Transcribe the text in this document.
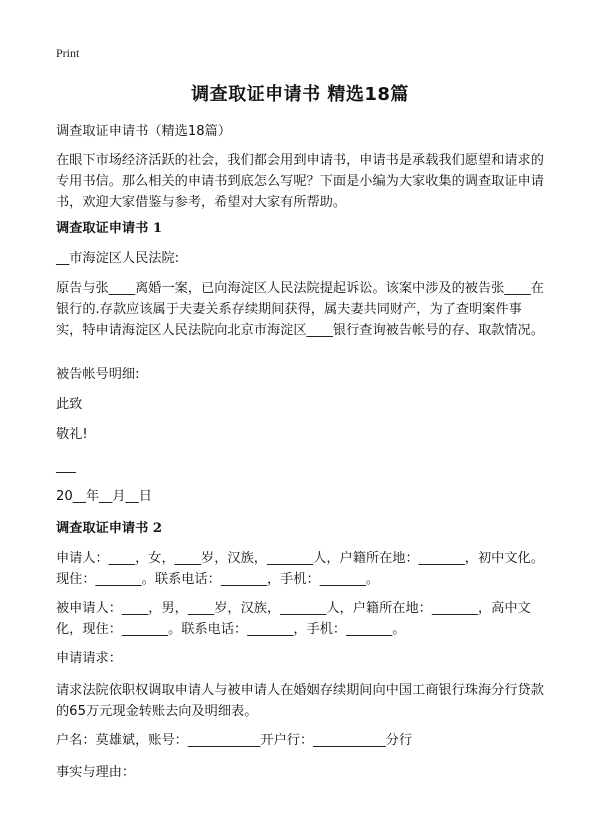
Print
调查取证申请书 精选18篇
调查取证申请书（精选18篇）
在眼下市场经济活跃的社会，我们都会用到申请书，申请书是承载我们愿望和请求的专用书信。那么相关的申请书到底怎么写呢？下面是小编为大家收集的调查取证申请书，欢迎大家借鉴与参考，希望对大家有所帮助。
调查取证申请书 1
__市海淀区人民法院:
原告与张____离婚一案，已向海淀区人民法院提起诉讼。该案中涉及的被告张____在银行的.存款应该属于夫妻关系存续期间获得，属夫妻共同财产，为了查明案件事实，特申请海淀区人民法院向北京市海淀区____银行查询被告帐号的存、取款情况。
被告帐号明细:
此致
敬礼!
___
20__年__月__日
调查取证申请书 2
申请人：____，女，____岁，汉族，_______人，户籍所在地：_______，初中文化。现住：_______。联系电话：_______，手机：_______。
被申请人：____，男，____岁，汉族，_______人，户籍所在地：_______，高中文化，现住：_______。联系电话：_______，手机：_______。
申请请求：
请求法院依职权调取申请人与被申请人在婚姻存续期间向中国工商银行珠海分行贷款的65万元现金转账去向及明细表。
户名：莫雄斌，账号：___________开户行：___________分行
事实与理由：
